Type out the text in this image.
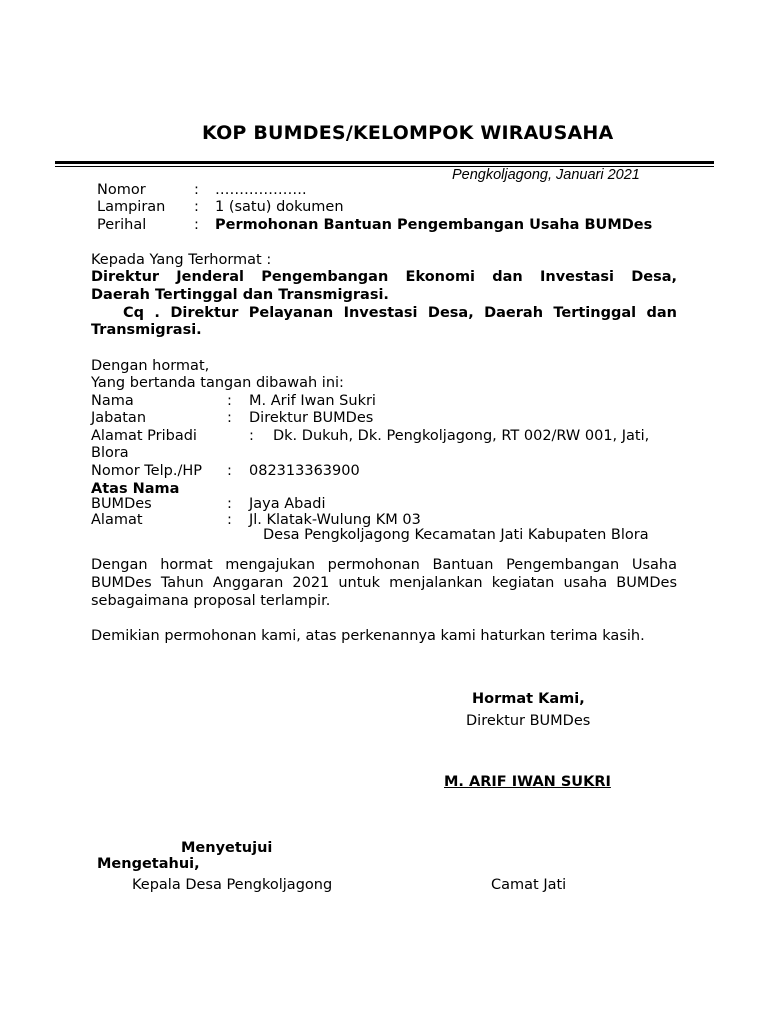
KOP BUMDES/KELOMPOK WIRAUSAHA
Pengkoljagong, Januari 2021
Nomor	: ……………….
Lampiran : 1 (satu) dokumen
Perihal	: Permohonan Bantuan Pengembangan Usaha BUMDes
Kepada Yang Terhormat :
Direktur Jenderal Pengembangan Ekonomi dan Investasi Desa,
Daerah Tertinggal dan Transmigrasi.
Cq . Direktur Pelayanan Investasi Desa, Daerah Tertinggal dan
Transmigrasi.
Dengan hormat,
Yang bertanda tangan dibawah ini:
Nama	: M. Arif Iwan Sukri
Jabatan	: Direktur BUMDes
Alamat Pribadi	: Dk. Dukuh, Dk. Pengkoljagong, RT 002/RW 001, Jati,
Blora
Nomor Telp./HP : 082313363900
Atas Nama
BUMDes	: Jaya Abadi
Alamat	: Jl. Klatak-Wulung KM 03
Desa Pengkoljagong Kecamatan Jati Kabupaten Blora
Dengan hormat mengajukan permohonan Bantuan Pengembangan Usaha
BUMDes Tahun Anggaran 2021 untuk menjalankan kegiatan usaha BUMDes
sebagaimana proposal terlampir.
Demikian permohonan kami, atas perkenannya kami haturkan terima kasih.
Hormat Kami,
Direktur BUMDes
M. ARIF IWAN SUKRI
Menyetujui
Mengetahui,
Kepala Desa Pengkoljagong	Camat Jati
